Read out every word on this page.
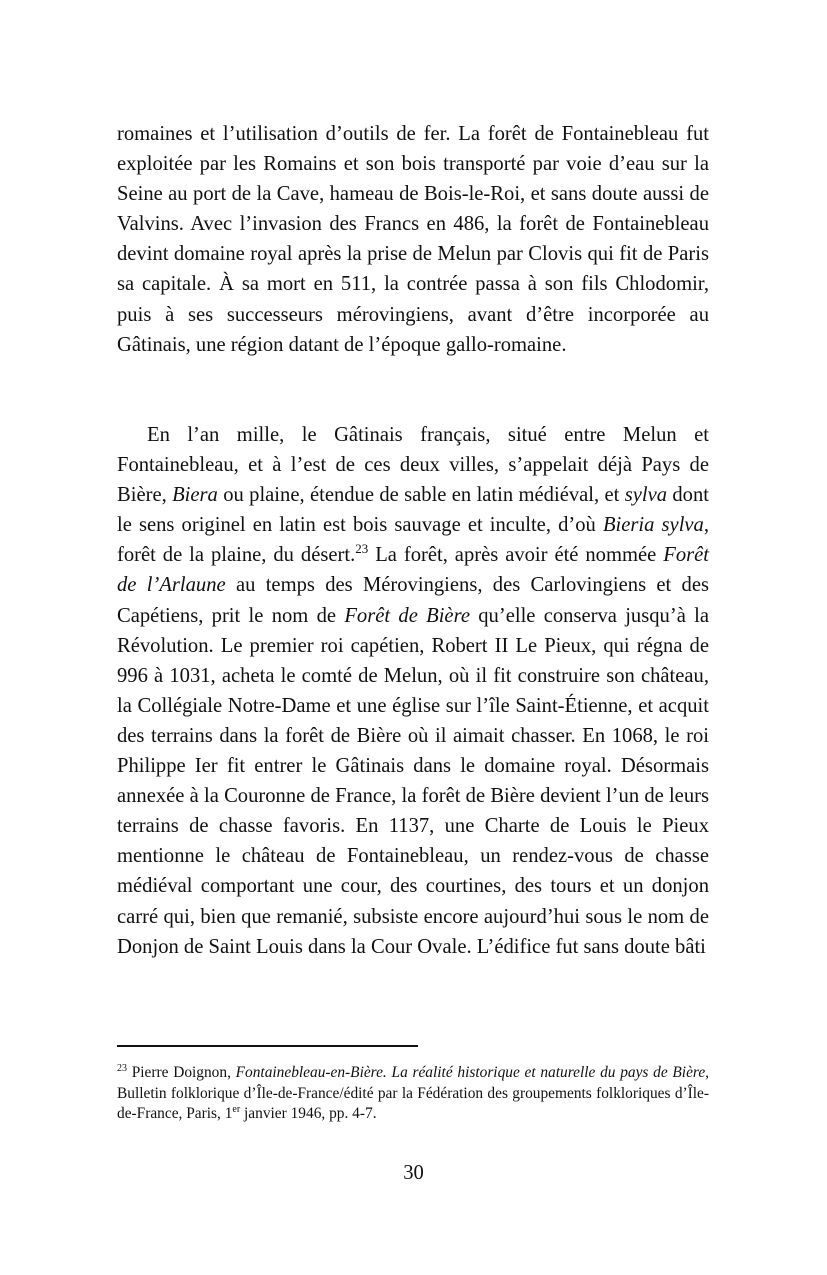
romaines et l’utilisation d’outils de fer. La forêt de Fontainebleau fut exploitée par les Romains et son bois transporté par voie d’eau sur la Seine au port de la Cave, hameau de Bois-le-Roi, et sans doute aussi de Valvins. Avec l’invasion des Francs en 486, la forêt de Fontainebleau devint domaine royal après la prise de Melun par Clovis qui fit de Paris sa capitale. À sa mort en 511, la contrée passa à son fils Chlodomir, puis à ses successeurs mérovingiens, avant d’être incorporée au Gâtinais, une région datant de l’époque gallo-romaine.

En l’an mille, le Gâtinais français, situé entre Melun et Fontainebleau, et à l’est de ces deux villes, s’appelait déjà Pays de Bière, Biera ou plaine, étendue de sable en latin médiéval, et sylva dont le sens originel en latin est bois sauvage et inculte, d’où Bieria sylva, forêt de la plaine, du désert.$^{23}$ La forêt, après avoir été nommée Forêt de l’Arlaune au temps des Mérovingiens, des Carlovingiens et des Capétiens, prit le nom de Forêt de Bière qu’elle conserva jusqu’à la Révolution. Le premier roi capétien, Robert II Le Pieux, qui régna de 996 à 1031, acheta le comté de Melun, où il fit construire son château, la Collégiale Notre-Dame et une église sur l’île Saint-Étienne, et acquit des terrains dans la forêt de Bière où il aimait chasser. En 1068, le roi Philippe Ier fit entrer le Gâtinais dans le domaine royal. Désormais annexée à la Couronne de France, la forêt de Bière devient l’un de leurs terrains de chasse favoris. En 1137, une Charte de Louis le Pieux mentionne le château de Fontainebleau, un rendez-vous de chasse médiéval comportant une cour, des courtines, des tours et un donjon carré qui, bien que remanié, subsiste encore aujourd’hui sous le nom de Donjon de Saint Louis dans la Cour Ovale. L’édifice fut sans doute bâti

$^{23}$ Pierre Doignon, Fontainebleau-en-Bière. La réalité historique et naturelle du pays de Bière, Bulletin folklorique d’Île-de-France/édité par la Fédération des groupements folkloriques d’Île-de-France, Paris, 1er janvier 1946, pp. 4-7.
30
